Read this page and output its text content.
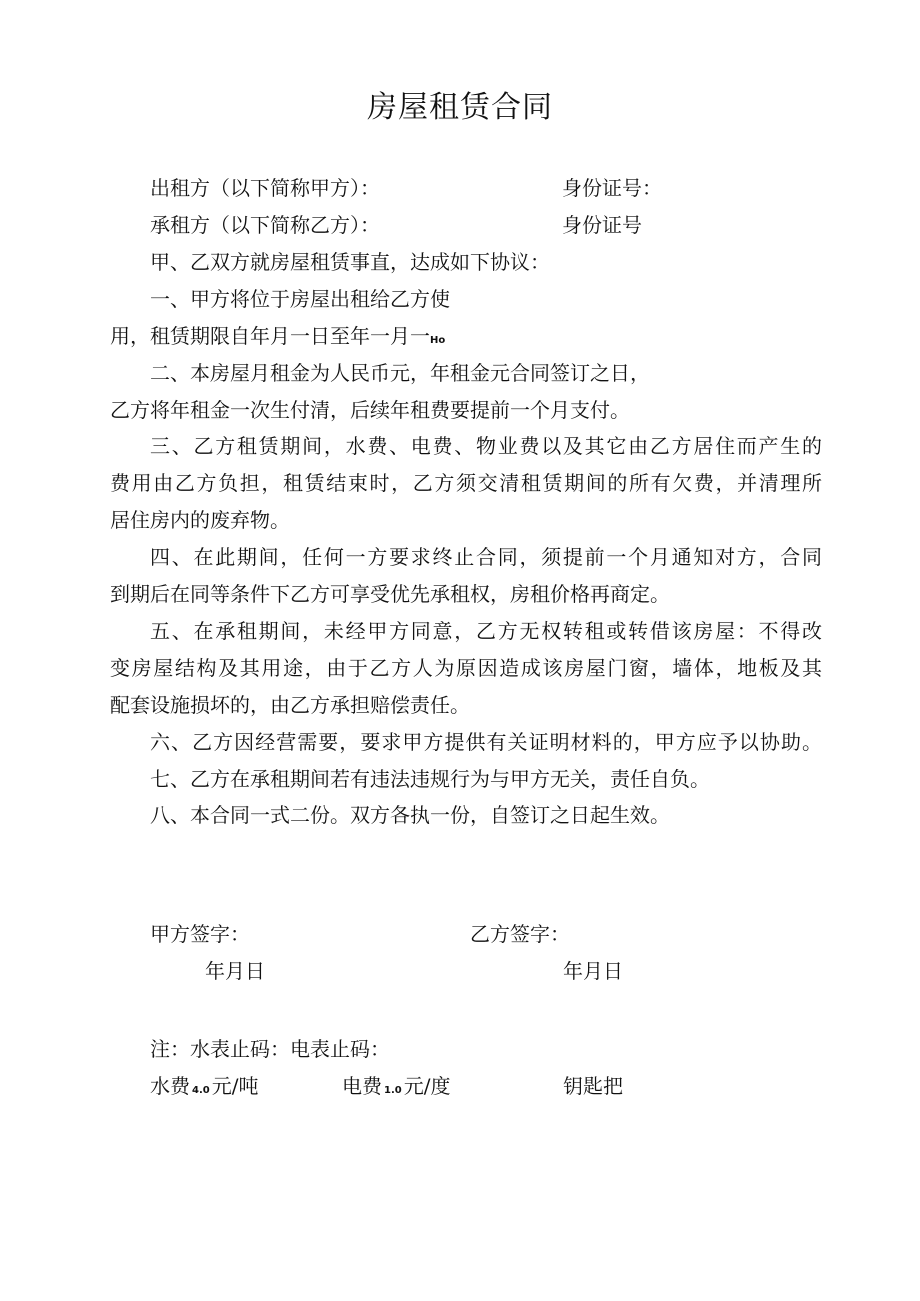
房屋租赁合同
出租方（以下简称甲方）：	身份证号：
承租方（以下简称乙方）：	身份证号
甲、乙双方就房屋租赁事直，达成如下协议：
一、甲方将位于房屋出租给乙方使
用，租赁期限自年月一日至年一月一Ho
二、本房屋月租金为人民币元，年租金元合同签订之日，
乙方将年租金一次生付清，后续年租费要提前一个月支付。
三、乙方租赁期间，水费、电费、物业费以及其它由乙方居住而产生的
费用由乙方负担，租赁结束时，乙方须交清租赁期间的所有欠费，并清理所
居住房内的废弃物。
四、在此期间，任何一方要求终止合同，须提前一个月通知对方，合同
到期后在同等条件下乙方可享受优先承租权，房租价格再商定。
五、在承租期间，未经甲方同意，乙方无权转租或转借该房屋：不得改
变房屋结构及其用途，由于乙方人为原因造成该房屋门窗，墙体，地板及其
配套设施损坏的，由乙方承担赔偿责任。
六、乙方因经营需要，要求甲方提供有关证明材料的，甲方应予以协助。
七、乙方在承租期间若有违法违规行为与甲方无关，责任自负。
八、本合同一式二份。双方各执一份，自签订之日起生效。
甲方签字：	乙方签字：
年月日	年月日
注：水表止码：电表止码：
水费 4.0 元/吨	电费 1.0 元/度	钥匙把
